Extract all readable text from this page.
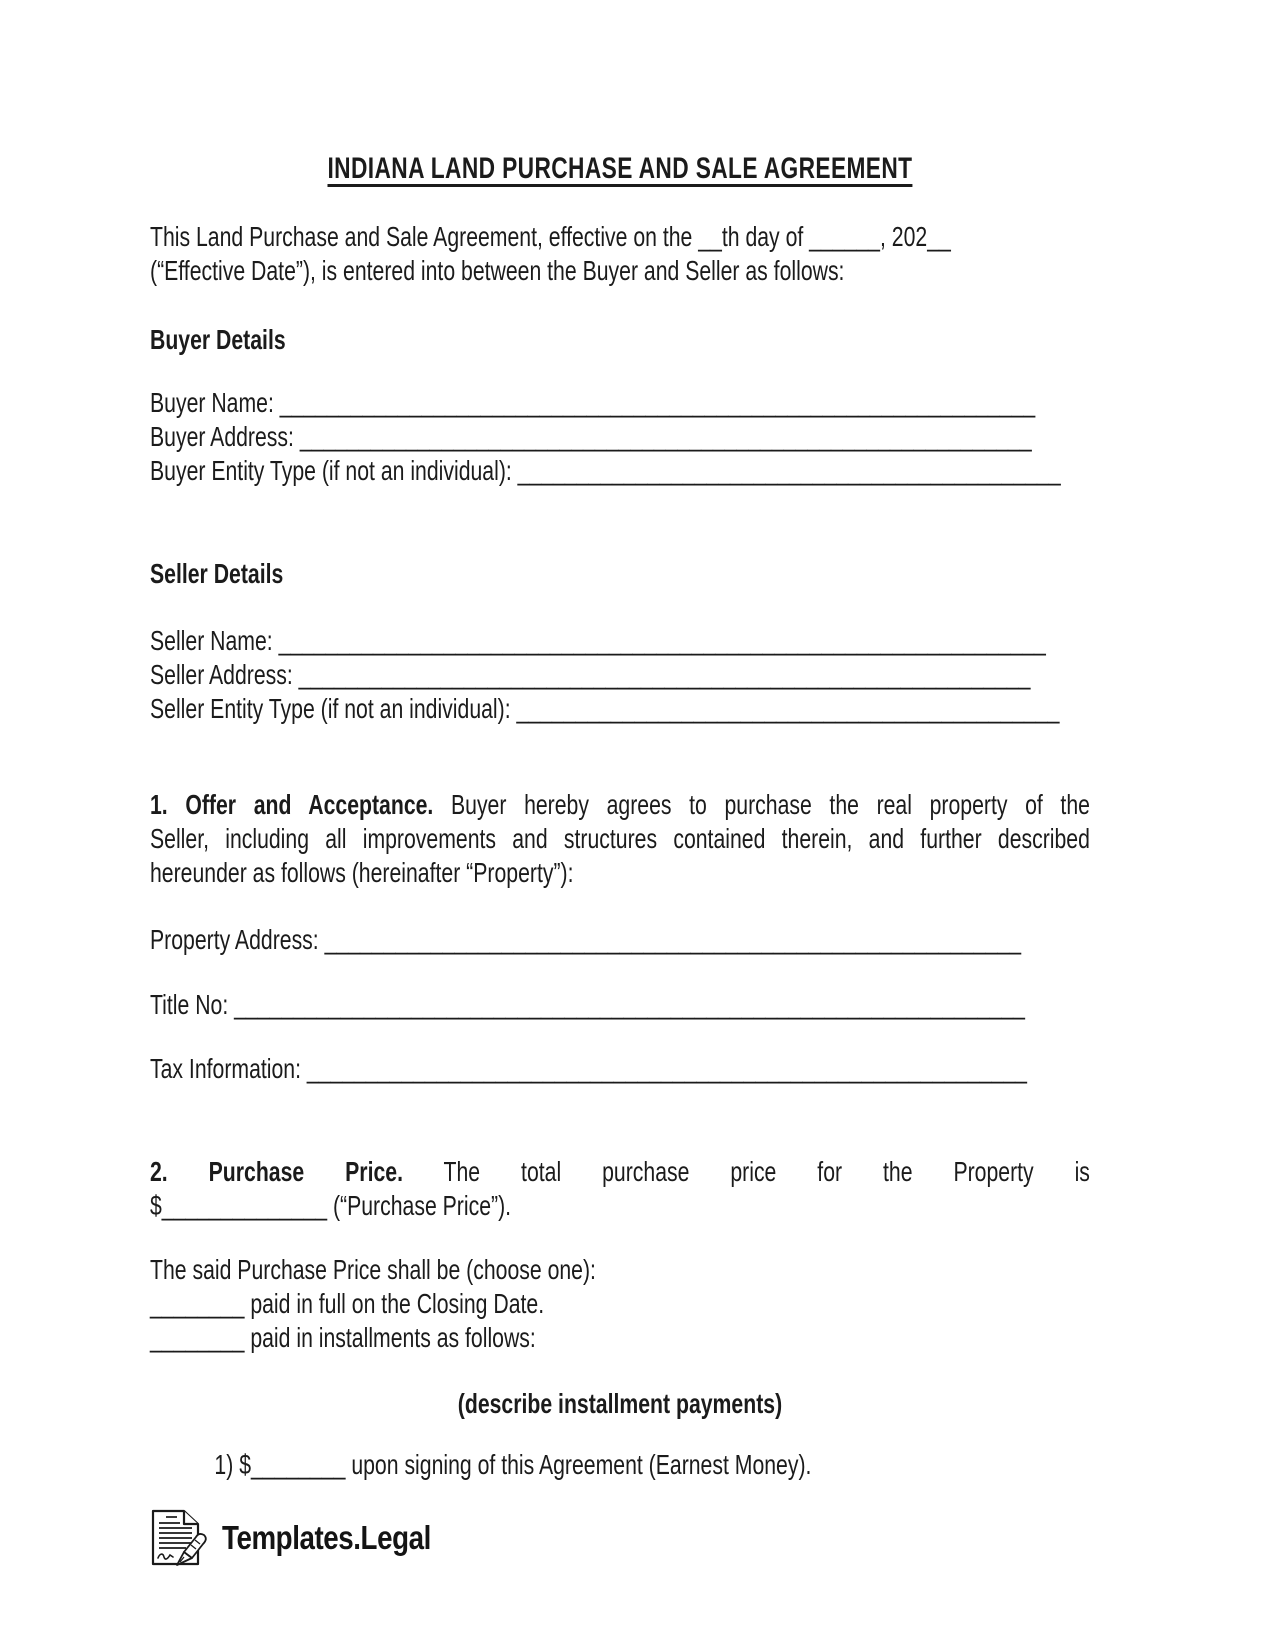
INDIANA LAND PURCHASE AND SALE AGREEMENT
This Land Purchase and Sale Agreement, effective on the __th day of ______, 202__
(“Effective Date”), is entered into between the Buyer and Seller as follows:
Buyer Details
Buyer Name: ________________________________________________________________
Buyer Address: ______________________________________________________________
Buyer Entity Type (if not an individual): ______________________________________________
Seller Details
Seller Name: _________________________________________________________________
Seller Address: ______________________________________________________________
Seller Entity Type (if not an individual): ______________________________________________
1. Offer and Acceptance. Buyer hereby agrees to purchase the real property of the
Seller, including all improvements and structures contained therein, and further described
hereunder as follows (hereinafter “Property”):
Property Address: ___________________________________________________________
Title No: ___________________________________________________________________
Tax Information: _____________________________________________________________
2. Purchase Price. The total purchase price for the Property is
$______________ (“Purchase Price”).
The said Purchase Price shall be (choose one):
________ paid in full on the Closing Date.
________ paid in installments as follows:
(describe installment payments)
1) $________ upon signing of this Agreement (Earnest Money).
Templates.Legal
